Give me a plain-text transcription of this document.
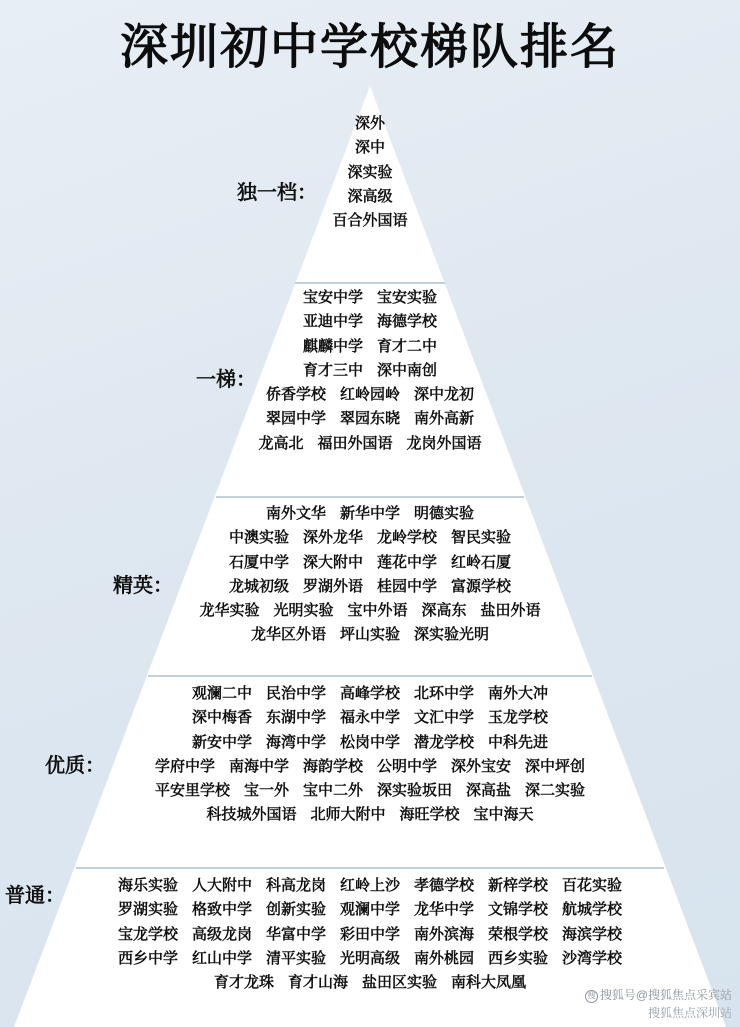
深圳初中学校梯队排名
独一档：
深外
深中
深实验
深高级
百合外国语
一梯：
宝安中学 宝安实验
亚迪中学 海德学校
麒麟中学 育才二中
育才三中 深中南创
侨香学校 红岭园岭 深中龙初
翠园中学 翠园东晓 南外高新
龙高北 福田外国语 龙岗外国语
精英：
南外文华 新华中学 明德实验
中澳实验 深外龙华 龙岭学校 智民实验
石厦中学 深大附中 莲花中学 红岭石厦
龙城初级 罗湖外语 桂园中学 富源学校
龙华实验 光明实验 宝中外语 深高东 盐田外语
龙华区外语 坪山实验 深实验光明
优质：
观澜二中 民治中学 高峰学校 北环中学 南外大冲
深中梅香 东湖中学 福永中学 文汇中学 玉龙学校
新安中学 海湾中学 松岗中学 潜龙学校 中科先进
学府中学 南海中学 海韵学校 公明中学 深外宝安 深中坪创
平安里学校 宝一外 宝中二外 深实验坂田 深高盐 深二实验
科技城外国语 北师大附中 海旺学校 宝中海天
普通：	海乐实验 人大附中 科高龙岗 红岭上沙 孝德学校 新梓学校 百花实验
罗湖实验 格致中学 创新实验 观澜中学 龙华中学 文锦学校 航城学校
宝龙学校 高级龙岗 华富中学 彩田中学 南外滨海 荣根学校 海滨学校
西乡中学 红山中学 清平实验 光明高级 南外桃园 西乡实验 沙湾学校
育才龙珠 育才山海 盐田区实验 南科大凤凰
搜 搜狐号@搜狐焦点采宾站
搜狐焦点深圳站
